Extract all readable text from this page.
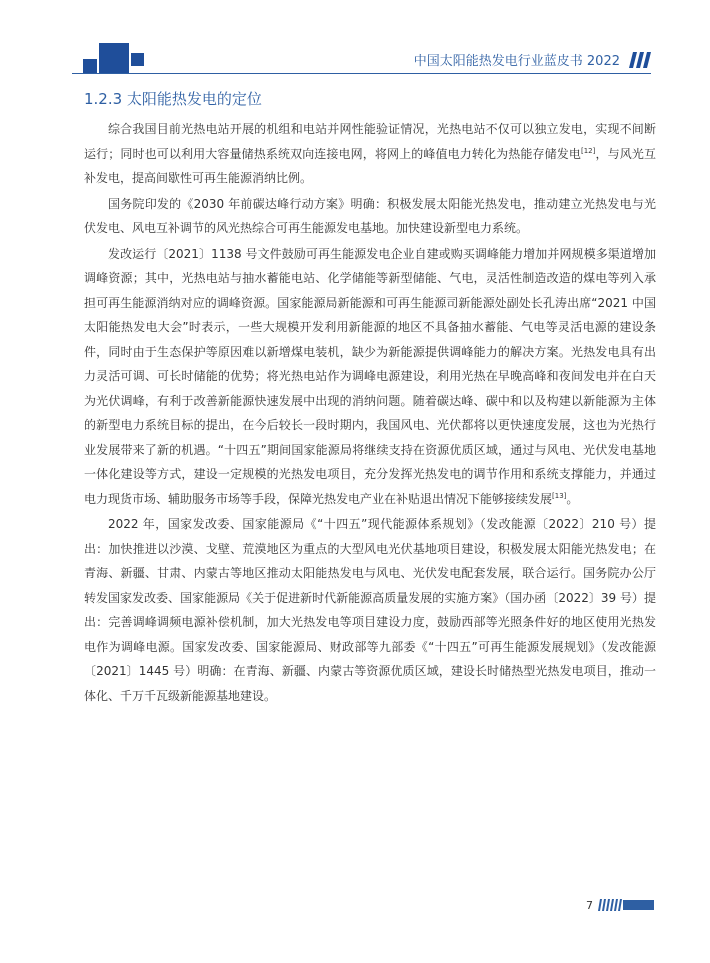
中国太阳能热发电行业蓝皮书 2022
1.2.3 太阳能热发电的定位

综合我国目前光热电站开展的机组和电站并网性能验证情况，光热电站不仅可以独立发电，实现不间断运行；同时也可以利用大容量储热系统双向连接电网，将网上的峰值电力转化为热能存储发电[12]，与风光互补发电，提高间歇性可再生能源消纳比例。

国务院印发的《2030 年前碳达峰行动方案》明确：积极发展太阳能光热发电，推动建立光热发电与光伏发电、风电互补调节的风光热综合可再生能源发电基地。加快建设新型电力系统。

发改运行〔2021〕1138 号文件鼓励可再生能源发电企业自建或购买调峰能力增加并网规模多渠道增加调峰资源；其中，光热电站与抽水蓄能电站、化学储能等新型储能、气电，灵活性制造改造的煤电等列入承担可再生能源消纳对应的调峰资源。国家能源局新能源和可再生能源司新能源处副处长孔涛出席“2021 中国太阳能热发电大会”时表示，一些大规模开发利用新能源的地区不具备抽水蓄能、气电等灵活电源的建设条件，同时由于生态保护等原因难以新增煤电装机，缺少为新能源提供调峰能力的解决方案。光热发电具有出力灵活可调、可长时储能的优势；将光热电站作为调峰电源建设，利用光热在早晚高峰和夜间发电并在白天为光伏调峰，有利于改善新能源快速发展中出现的消纳问题。随着碳达峰、碳中和以及构建以新能源为主体的新型电力系统目标的提出，在今后较长一段时期内，我国风电、光伏都将以更快速度发展，这也为光热行业发展带来了新的机遇。“十四五”期间国家能源局将继续支持在资源优质区域，通过与风电、光伏发电基地一体化建设等方式，建设一定规模的光热发电项目，充分发挥光热发电的调节作用和系统支撑能力，并通过电力现货市场、辅助服务市场等手段，保障光热发电产业在补贴退出情况下能够接续发展[13]。

2022 年，国家发改委、国家能源局《“十四五”现代能源体系规划》（发改能源〔2022〕210 号）提出：加快推进以沙漠、戈壁、荒漠地区为重点的大型风电光伏基地项目建设，积极发展太阳能光热发电；在青海、新疆、甘肃、内蒙古等地区推动太阳能热发电与风电、光伏发电配套发展，联合运行。国务院办公厅转发国家发改委、国家能源局《关于促进新时代新能源高质量发展的实施方案》（国办函〔2022〕39 号）提出：完善调峰调频电源补偿机制，加大光热发电等项目建设力度，鼓励西部等光照条件好的地区使用光热发电作为调峰电源。国家发改委、国家能源局、财政部等九部委《“十四五”可再生能源发展规划》（发改能源〔2021〕1445 号）明确：在青海、新疆、内蒙古等资源优质区域，建设长时储热型光热发电项目，推动一体化、千万千瓦级新能源基地建设。

7
